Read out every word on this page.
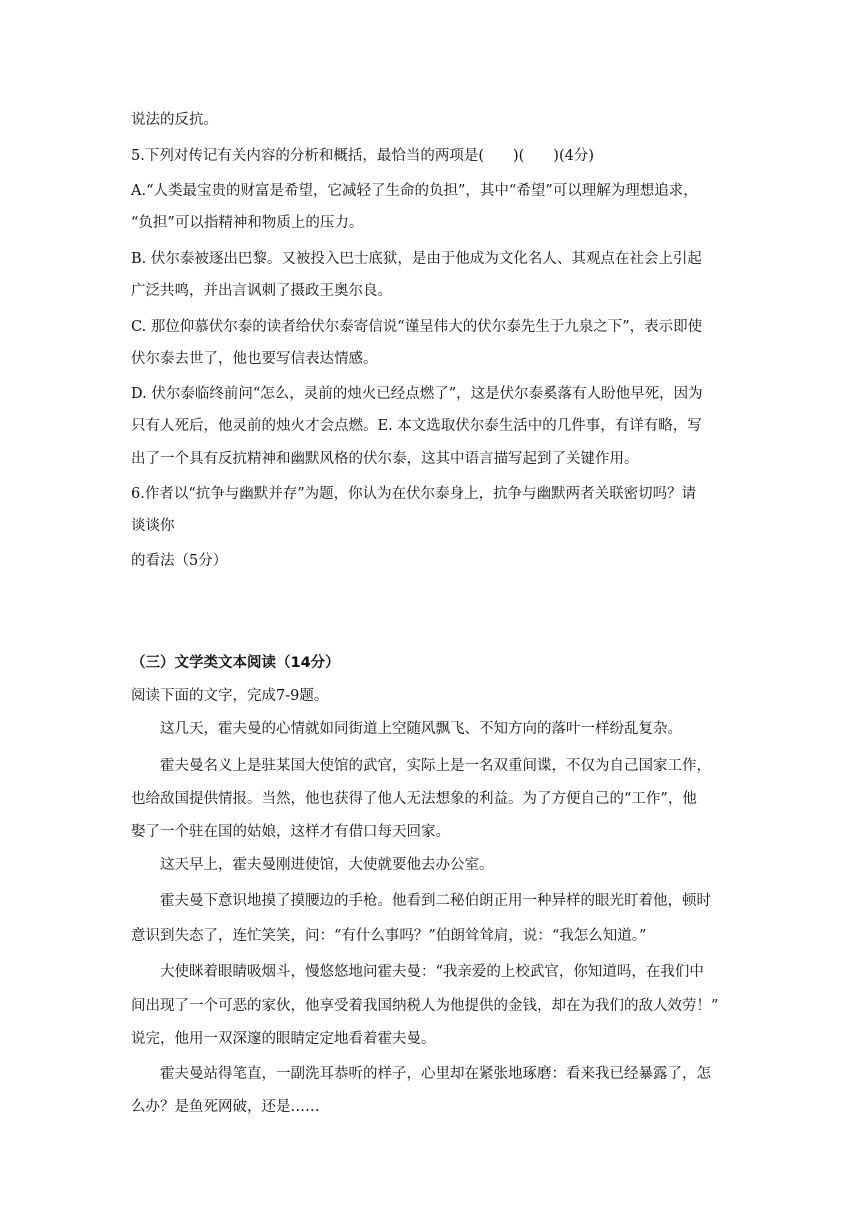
说法的反抗。
5.下列对传记有关内容的分析和概括，最恰当的两项是(　　)(　　)(4分)
A.“人类最宝贵的财富是希望，它减轻了生命的负担”，其中“希望”可以理解为理想追求，
“负担”可以指精神和物质上的压力。
B. 伏尔泰被逐出巴黎。又被投入巴士底狱，是由于他成为文化名人、其观点在社会上引起
广泛共鸣，并出言讽刺了摄政王奥尔良。
C. 那位仰慕伏尔泰的读者给伏尔泰寄信说“谨呈伟大的伏尔泰先生于九泉之下”，表示即使
伏尔泰去世了，他也要写信表达情感。
D. 伏尔泰临终前问“怎么，灵前的烛火已经点燃了”，这是伏尔泰奚落有人盼他早死，因为
只有人死后，他灵前的烛火才会点燃。E. 本文选取伏尔泰生活中的几件事，有详有略，写
出了一个具有反抗精神和幽默风格的伏尔泰，这其中语言描写起到了关键作用。
6.作者以“抗争与幽默并存”为题，你认为在伏尔泰身上，抗争与幽默两者关联密切吗？请
谈谈你
的看法（5分）
（三）文学类文本阅读（14分）
阅读下面的文字，完成7-9题。
这几天，霍夫曼的心情就如同街道上空随风飘飞、不知方向的落叶一样纷乱复杂。
霍夫曼名义上是驻某国大使馆的武官，实际上是一名双重间谍，不仅为自己国家工作，
也给敌国提供情报。当然，他也获得了他人无法想象的利益。为了方便自己的“工作”，他
娶了一个驻在国的姑娘，这样才有借口每天回家。
这天早上，霍夫曼刚进使馆，大使就要他去办公室。
霍夫曼下意识地摸了摸腰边的手枪。他看到二秘伯朗正用一种异样的眼光盯着他，顿时
意识到失态了，连忙笑笑，问：“有什么事吗？”伯朗耸耸肩，说：“我怎么知道。”
大使眯着眼睛吸烟斗，慢悠悠地问霍夫曼：“我亲爱的上校武官，你知道吗，在我们中
间出现了一个可恶的家伙，他享受着我国纳税人为他提供的金钱，却在为我们的敌人效劳！”
说完，他用一双深邃的眼睛定定地看着霍夫曼。
霍夫曼站得笔直，一副洗耳恭听的样子，心里却在紧张地琢磨：看来我已经暴露了，怎
么办？是鱼死网破，还是……
